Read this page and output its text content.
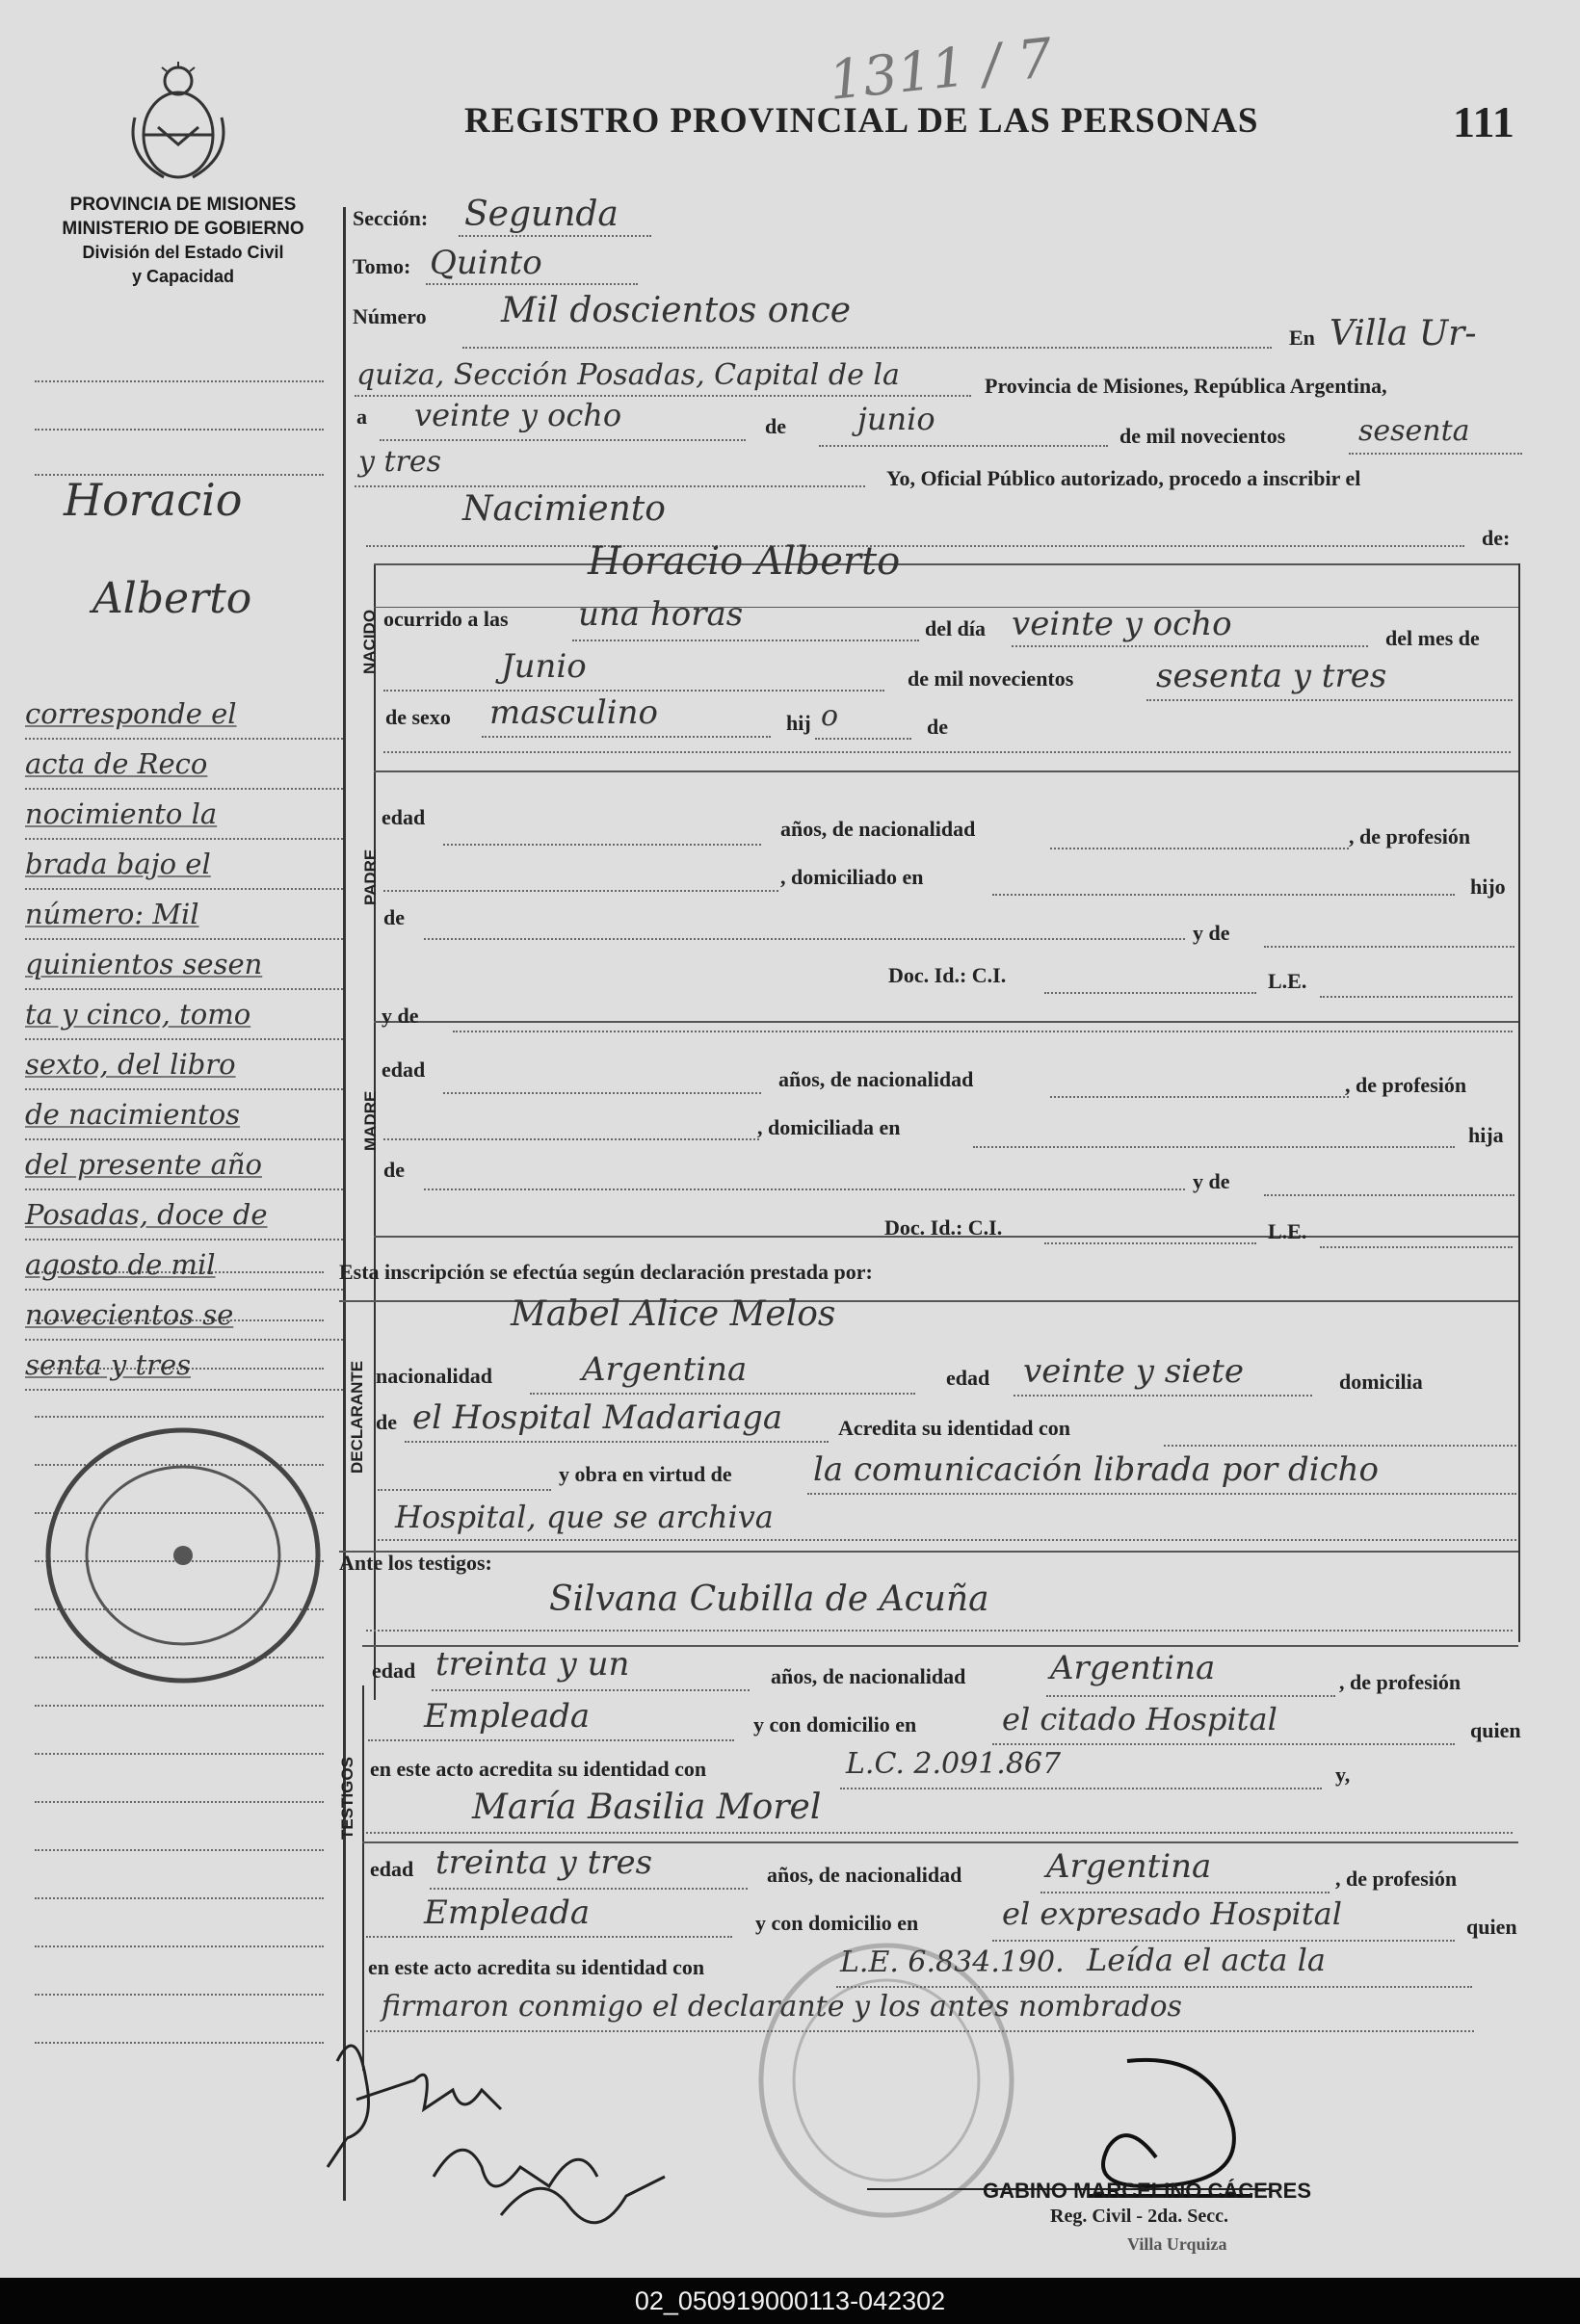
1311 / 7
PROVINCIA DE MISIONES
MINISTERIO DE GOBIERNO
División del Estado Civil
y Capacidad
REGISTRO PROVINCIAL DE LAS PERSONAS	111
Horacio
Alberto
corresponde el
acta de Reco
nocimiento la
brada bajo el
número: Mil
quinientos sesen
ta y cinco, tomo
sexto, del libro
de nacimientos
del presente año
Posadas, doce de
agosto de mil
novecientos se
senta y tres
NACIDO
PADRE
MADRE
DECLARANTE
TESTIGOS
Sección: Segunda
Tomo: Quinto
Número Mil doscientos once
En Villa Ur-
quiza, Sección Posadas, Capital de la	Provincia de Misiones, República Argentina,
a veinte y ocho	de junio	de mil novecientos	sesenta
y tres	Yo, Oficial Público autorizado, procedo a inscribir el
Nacimiento
de:
Horacio Alberto
ocurrido a las una horas	del día veinte y ocho	del mes de
Junio	de mil novecientos	sesenta y tres
de sexo masculino	hij o	de
edad	años, de nacionalidad	, de profesión
, domiciliado en	hijo
de
y de
Doc. Id.: C.I.	L.E.
y de
edad	años, de nacionalidad	, de profesión
, domiciliada en	hija
de	y de
Doc. Id.: C.I.	L.E.
Esta inscripción se efectúa según declaración prestada por:
Mabel Alice Melos
nacionalidad	Argentina	edad veinte y siete	domicilia
de el Hospital Madariaga	Acredita su identidad con
y obra en virtud de la comunicación librada por dicho
Hospital, que se archiva
Ante los testigos:
Silvana Cubilla de Acuña
edad treinta y un	años, de nacionalidad	Argentina	, de profesión
Empleada	y con domicilio en	el citado Hospital	quien
en este acto acredita su identidad con	L.C. 2.091.867	y,
María Basilia Morel
edad treinta y tres	años, de nacionalidad	Argentina	, de profesión
Empleada	y con domicilio en	el expresado Hospital	quien
en este acto acredita su identidad con	L.E. 6.834.190. Leída el acta la
firmaron conmigo el declarante y los antes nombrados
GABINO MARCELINO CÁCERES
Reg. Civil - 2da. Secc.
Villa Urquiza
02_050919000113-042302
